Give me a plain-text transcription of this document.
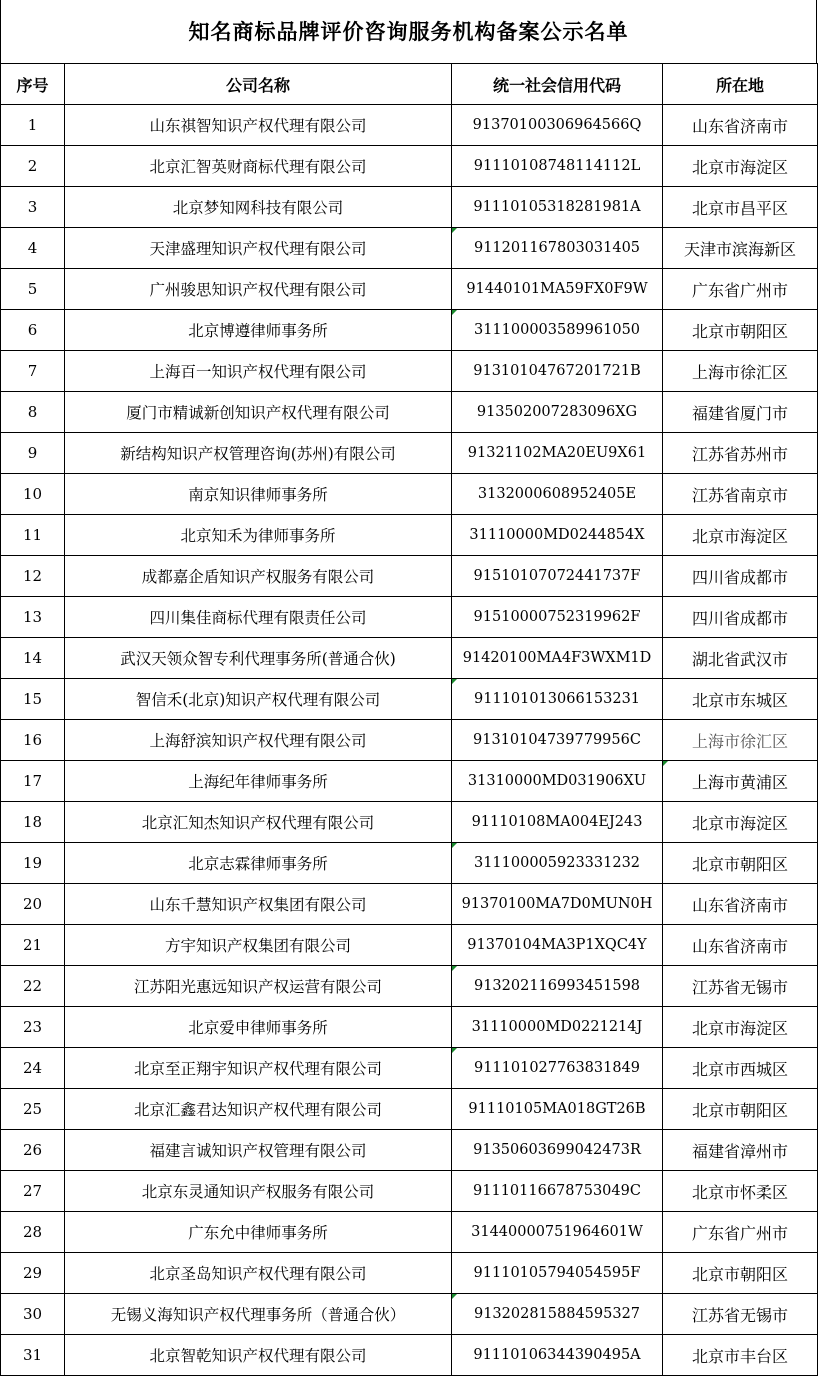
知名商标品牌评价咨询服务机构备案公示名单
序号	公司名称	统一社会信用代码	所在地
1	山东祺智知识产权代理有限公司	91370100306964566Q	山东省济南市
2	北京汇智英财商标代理有限公司	91110108748114112L	北京市海淀区
3	北京梦知网科技有限公司	91110105318281981A	北京市昌平区
4	天津盛理知识产权代理有限公司	911201167803031405	天津市滨海新区
5	广州骏思知识产权代理有限公司	91440101MA59FX0F9W	广东省广州市
6	北京博遵律师事务所	311100003589961050	北京市朝阳区
7	上海百一知识产权代理有限公司	91310104767201721B	上海市徐汇区
8	厦门市精诚新创知识产权代理有限公司	913502007283096XG	福建省厦门市
9	新结构知识产权管理咨询(苏州)有限公司	91321102MA20EU9X61	江苏省苏州市
10	南京知识律师事务所	3132000608952405E	江苏省南京市
11	北京知禾为律师事务所	31110000MD0244854X	北京市海淀区
12	成都嘉企盾知识产权服务有限公司	91510107072441737F	四川省成都市
13	四川集佳商标代理有限责任公司	91510000752319962F	四川省成都市
14	武汉天领众智专利代理事务所(普通合伙)	91420100MA4F3WXM1D	湖北省武汉市
15	智信禾(北京)知识产权代理有限公司	911101013066153231	北京市东城区
16	上海舒滨知识产权代理有限公司	91310104739779956C	上海市徐汇区
17	上海纪年律师事务所	31310000MD031906XU	上海市黄浦区

18	北京汇知杰知识产权代理有限公司	91110108MA004EJ243	北京市海淀区
19	北京志霖律师事务所	311100005923331232	北京市朝阳区
20	山东千慧知识产权集团有限公司	91370100MA7D0MUN0H	山东省济南市
21	方宇知识产权集团有限公司	91370104MA3P1XQC4Y	山东省济南市
22	江苏阳光惠远知识产权运营有限公司	913202116993451598	江苏省无锡市
23	北京爱申律师事务所	31110000MD0221214J	北京市海淀区
24	北京至正翔宇知识产权代理有限公司	911101027763831849	北京市西城区
25	北京汇鑫君达知识产权代理有限公司	91110105MA018GT26B	北京市朝阳区
26	福建言诚知识产权管理有限公司	91350603699042473R	福建省漳州市
27	北京东灵通知识产权服务有限公司	91110116678753049C	北京市怀柔区
28	广东允中律师事务所	31440000751964601W	广东省广州市
29	北京圣岛知识产权代理有限公司	91110105794054595F	北京市朝阳区
30	无锡义海知识产权代理事务所（普通合伙）	913202815884595327	江苏省无锡市
31	北京智乾知识产权代理有限公司	91110106344390495A	北京市丰台区
